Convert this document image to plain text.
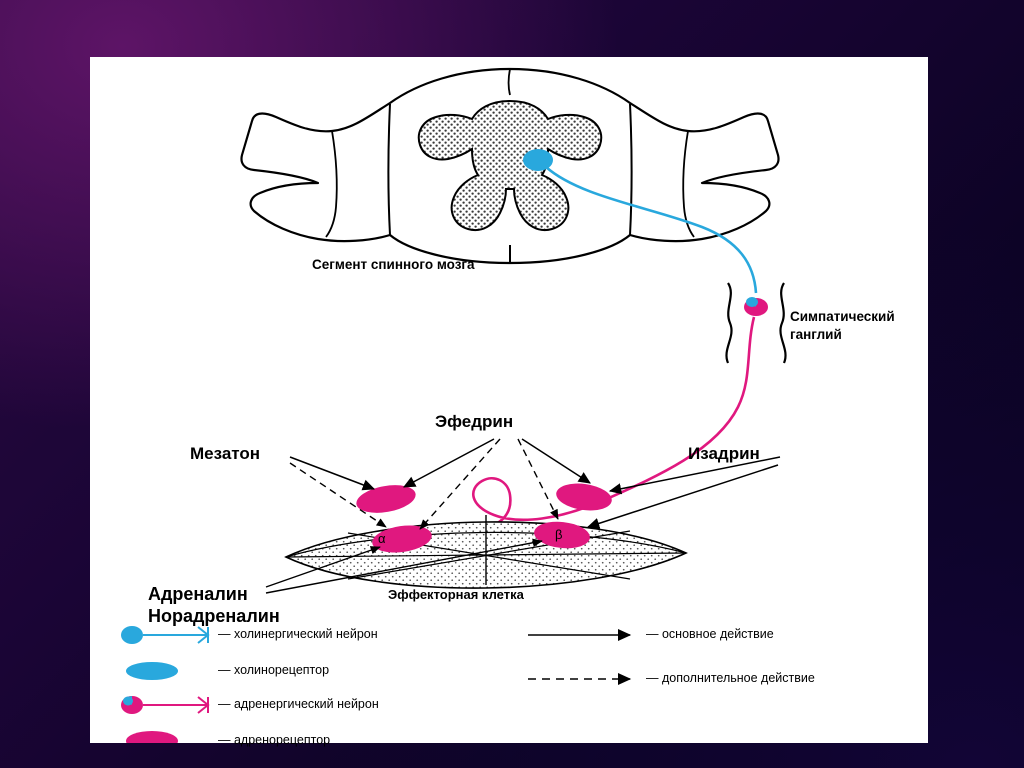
Сегмент спинного мозга
Симпатический
ганглий
Эфедрин
Мезатон	Изадрин
Адреналин
Норадреналин
Эффекторная клетка
α	β
— холинергический нейрон
— холинорецептор
— адренергический нейрон
— адренорецептор
— основное действие
— дополнительное действие
